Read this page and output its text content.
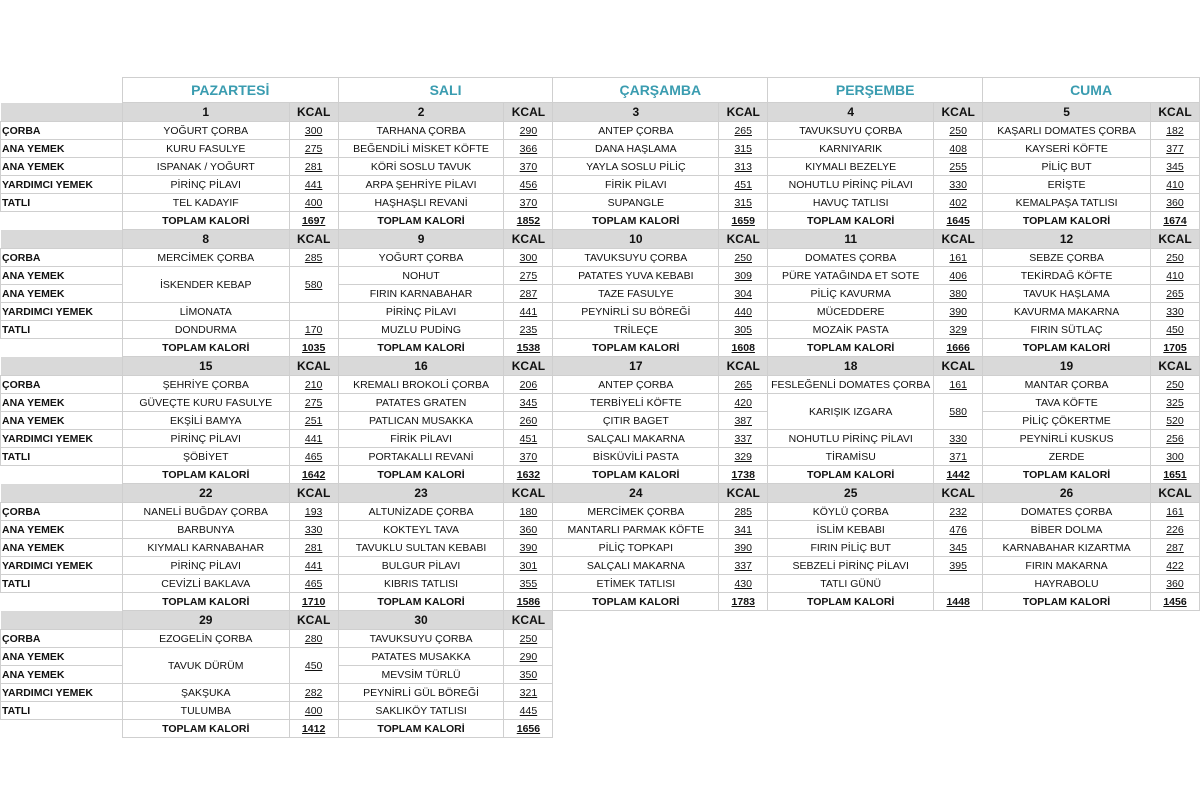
	PAZARTESİ		SALI		ÇARŞAMBA		PERŞEMBE		CUMA	
	1	KCAL	2	KCAL	3	KCAL	4	KCAL	5	KCAL
ÇORBA	YOĞURT ÇORBA	300	TARHANA ÇORBA	290	ANTEP ÇORBA	265	TAVUKSUYU ÇORBA	250	KAŞARLI DOMATES ÇORBA	182
ANA YEMEK	KURU FASULYE	275	BEĞENDİLİ MİSKET KÖFTE	366	DANA HAŞLAMA	315	KARNIYARIK	408	KAYSERİ KÖFTE	377
ANA YEMEK	ISPANAK / YOĞURT	281	KÖRİ SOSLU TAVUK	370	YAYLA SOSLU PİLİÇ	313	KIYMALI BEZELYE	255	PİLİÇ BUT	345
YARDIMCI YEMEK	PİRİNÇ PİLAVI	441	ARPA ŞEHRİYE PİLAVI	456	FİRİK PİLAVI	451	NOHUTLU PİRİNÇ PİLAVI	330	ERİŞTE	410
TATLI	TEL KADAYIF	400	HAŞHAŞLI REVANİ	370	SUPANGLE	315	HAVUÇ TATLISI	402	KEMALPAŞA TATLISI	360
	TOPLAM KALORİ	1697	TOPLAM KALORİ	1852	TOPLAM KALORİ	1659	TOPLAM KALORİ	1645	TOPLAM KALORİ	1674
	8	KCAL	9	KCAL	10	KCAL	11	KCAL	12	KCAL
ÇORBA	MERCİMEK ÇORBA	285	YOĞURT ÇORBA	300	TAVUKSUYU ÇORBA	250	DOMATES ÇORBA	161	SEBZE ÇORBA	250
ANA YEMEK	İSKENDER KEBAP	580	NOHUT	275	PATATES YUVA KEBABI	309	PÜRE YATAĞINDA ET SOTE	406	TEKİRDAĞ KÖFTE	410
ANA YEMEK			FIRIN KARNABAHAR	287	TAZE FASULYE	304	PİLİÇ KAVURMA	380	TAVUK HAŞLAMA	265
YARDIMCI YEMEK	LİMONATA		PİRİNÇ PİLAVI	441	PEYNİRLİ SU BÖREĞİ	440	MÜCEDDERE	390	KAVURMA MAKARNA	330
TATLI	DONDURMA	170	MUZLU PUDİNG	235	TRİLEÇE	305	MOZAİK PASTA	329	FIRIN SÜTLAÇ	450
	TOPLAM KALORİ	1035	TOPLAM KALORİ	1538	TOPLAM KALORİ	1608	TOPLAM KALORİ	1666	TOPLAM KALORİ	1705
	15	KCAL	16	KCAL	17	KCAL	18	KCAL	19	KCAL
ÇORBA	ŞEHRİYE ÇORBA	210	KREMALI BROKOLİ ÇORBA	206	ANTEP ÇORBA	265	FESLEĞENLİ DOMATES ÇORBA	161	MANTAR ÇORBA	250
ANA YEMEK	GÜVEÇTE KURU FASULYE	275	PATATES GRATEN	345	TERBİYELİ KÖFTE	420	KARIŞIK IZGARA	580	TAVA KÖFTE	325
ANA YEMEK	EKŞİLİ BAMYA	251	PATLICAN MUSAKKA	260	ÇITIR BAGET	387			PİLİÇ ÇÖKERTME	520
YARDIMCI YEMEK	PİRİNÇ PİLAVI	441	FİRİK PİLAVI	451	SALÇALI MAKARNA	337	NOHUTLU PİRİNÇ PİLAVI	330	PEYNİRLİ KUSKUS	256
TATLI	ŞÖBİYET	465	PORTAKALLI REVANİ	370	BİSKÜVİLİ PASTA	329	TİRAMİSU	371	ZERDE	300
	TOPLAM KALORİ	1642	TOPLAM KALORİ	1632	TOPLAM KALORİ	1738	TOPLAM KALORİ	1442	TOPLAM KALORİ	1651
	22	KCAL	23	KCAL	24	KCAL	25	KCAL	26	KCAL
ÇORBA	NANELİ BUĞDAY ÇORBA	193	ALTUNİZADE ÇORBA	180	MERCİMEK ÇORBA	285	KÖYLÜ ÇORBA	232	DOMATES ÇORBA	161
ANA YEMEK	BARBUNYA	330	KOKTEYL TAVA	360	MANTARLI PARMAK KÖFTE	341	İSLİM KEBABI	476	BİBER DOLMA	226
ANA YEMEK	KIYMALI KARNABAHAR	281	TAVUKLU SULTAN KEBABI	390	PİLİÇ TOPKAPI	390	FIRIN PİLİÇ BUT	345	KARNABAHAR KIZARTMA	287
YARDIMCI YEMEK	PİRİNÇ PİLAVI	441	BULGUR PİLAVI	301	SALÇALI MAKARNA	337	SEBZELİ PİRİNÇ PİLAVI	395	FIRIN MAKARNA	422
TATLI	CEVİZLİ BAKLAVA	465	KIBRIS TATLISI	355	ETİMEK TATLISI	430	TATLI GÜNÜ		HAYRABOLU	360
	TOPLAM KALORİ	1710	TOPLAM KALORİ	1586	TOPLAM KALORİ	1783	TOPLAM KALORİ	1448	TOPLAM KALORİ	1456
	29	KCAL	30	KCAL						
ÇORBA	EZOGELİN ÇORBA	280	TAVUKSUYU ÇORBA	250						
ANA YEMEK	TAVUK DÜRÜM	450	PATATES MUSAKKA	290						
ANA YEMEK			MEVSİM TÜRLÜ	350						
YARDIMCI YEMEK	ŞAKŞUKA	282	PEYNİRLİ GÜL BÖREĞİ	321						
TATLI	TULUMBA	400	SAKLIKÖY TATLISI	445						
	TOPLAM KALORİ	1412	TOPLAM KALORİ	1656						
